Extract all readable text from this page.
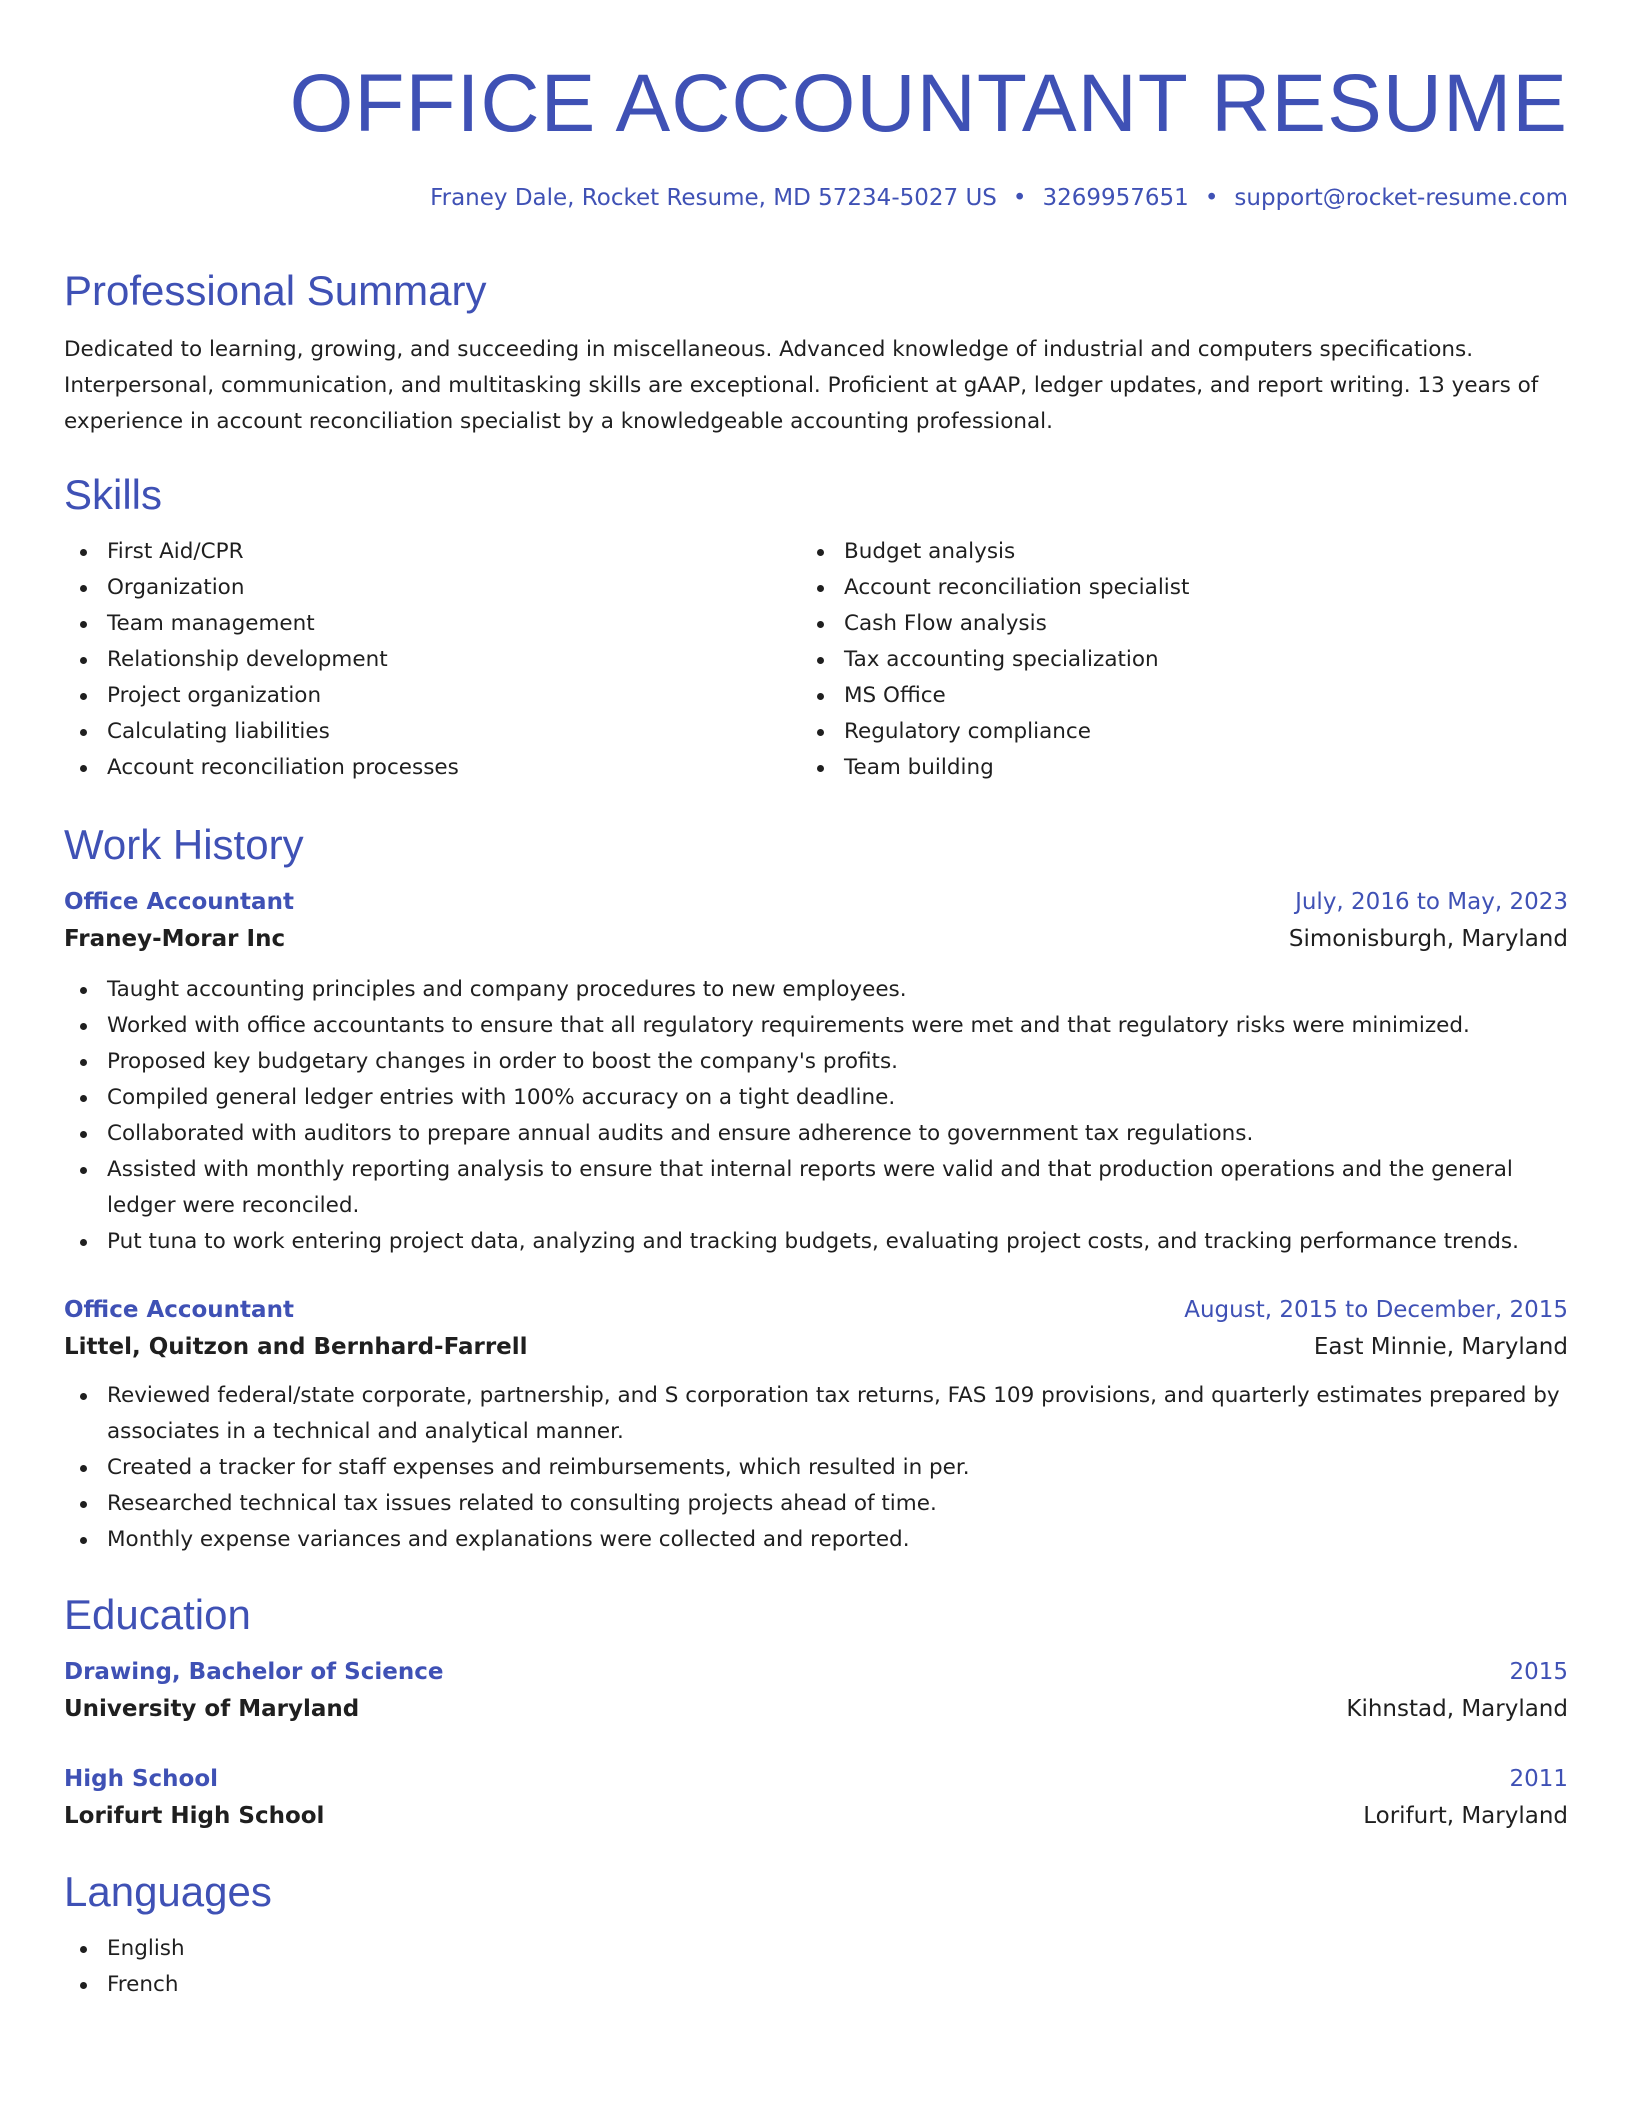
OFFICE ACCOUNTANT RESUME
Franey Dale, Rocket Resume, MD 57234-5027 US • 3269957651 • support@rocket-resume.com
Professional Summary

Dedicated to learning, growing, and succeeding in miscellaneous. Advanced knowledge of industrial and computers specifications. Interpersonal, communication, and multitasking skills are exceptional. Proficient at gAAP, ledger updates, and report writing. 13 years of experience in account reconciliation specialist by a knowledgeable accounting professional.

Skills
First Aid/CPR
Organization
Team management
Relationship development
Project organization
Calculating liabilities
Account reconciliation processes
Budget analysis
Account reconciliation specialist
Cash Flow analysis
Tax accounting specialization
MS Office
Regulatory compliance
Team building
Work History
Office Accountant	July, 2016 to May, 2023
Franey-Morar Inc	Simonisburgh, Maryland
Taught accounting principles and company procedures to new employees.
Worked with office accountants to ensure that all regulatory requirements were met and that regulatory risks were minimized.
Proposed key budgetary changes in order to boost the company's profits.
Compiled general ledger entries with 100% accuracy on a tight deadline.
Collaborated with auditors to prepare annual audits and ensure adherence to government tax regulations.
Assisted with monthly reporting analysis to ensure that internal reports were valid and that production operations and the general ledger were reconciled.
Put tuna to work entering project data, analyzing and tracking budgets, evaluating project costs, and tracking performance trends.
Office Accountant	August, 2015 to December, 2015
Littel, Quitzon and Bernhard-Farrell	East Minnie, Maryland
Reviewed federal/state corporate, partnership, and S corporation tax returns, FAS 109 provisions, and quarterly estimates prepared by associates in a technical and analytical manner.
Created a tracker for staff expenses and reimbursements, which resulted in per.
Researched technical tax issues related to consulting projects ahead of time.
Monthly expense variances and explanations were collected and reported.
Education
Drawing, Bachelor of Science	2015
University of Maryland	Kihnstad, Maryland
High School	2011
Lorifurt High School	Lorifurt, Maryland
Languages
English
French
